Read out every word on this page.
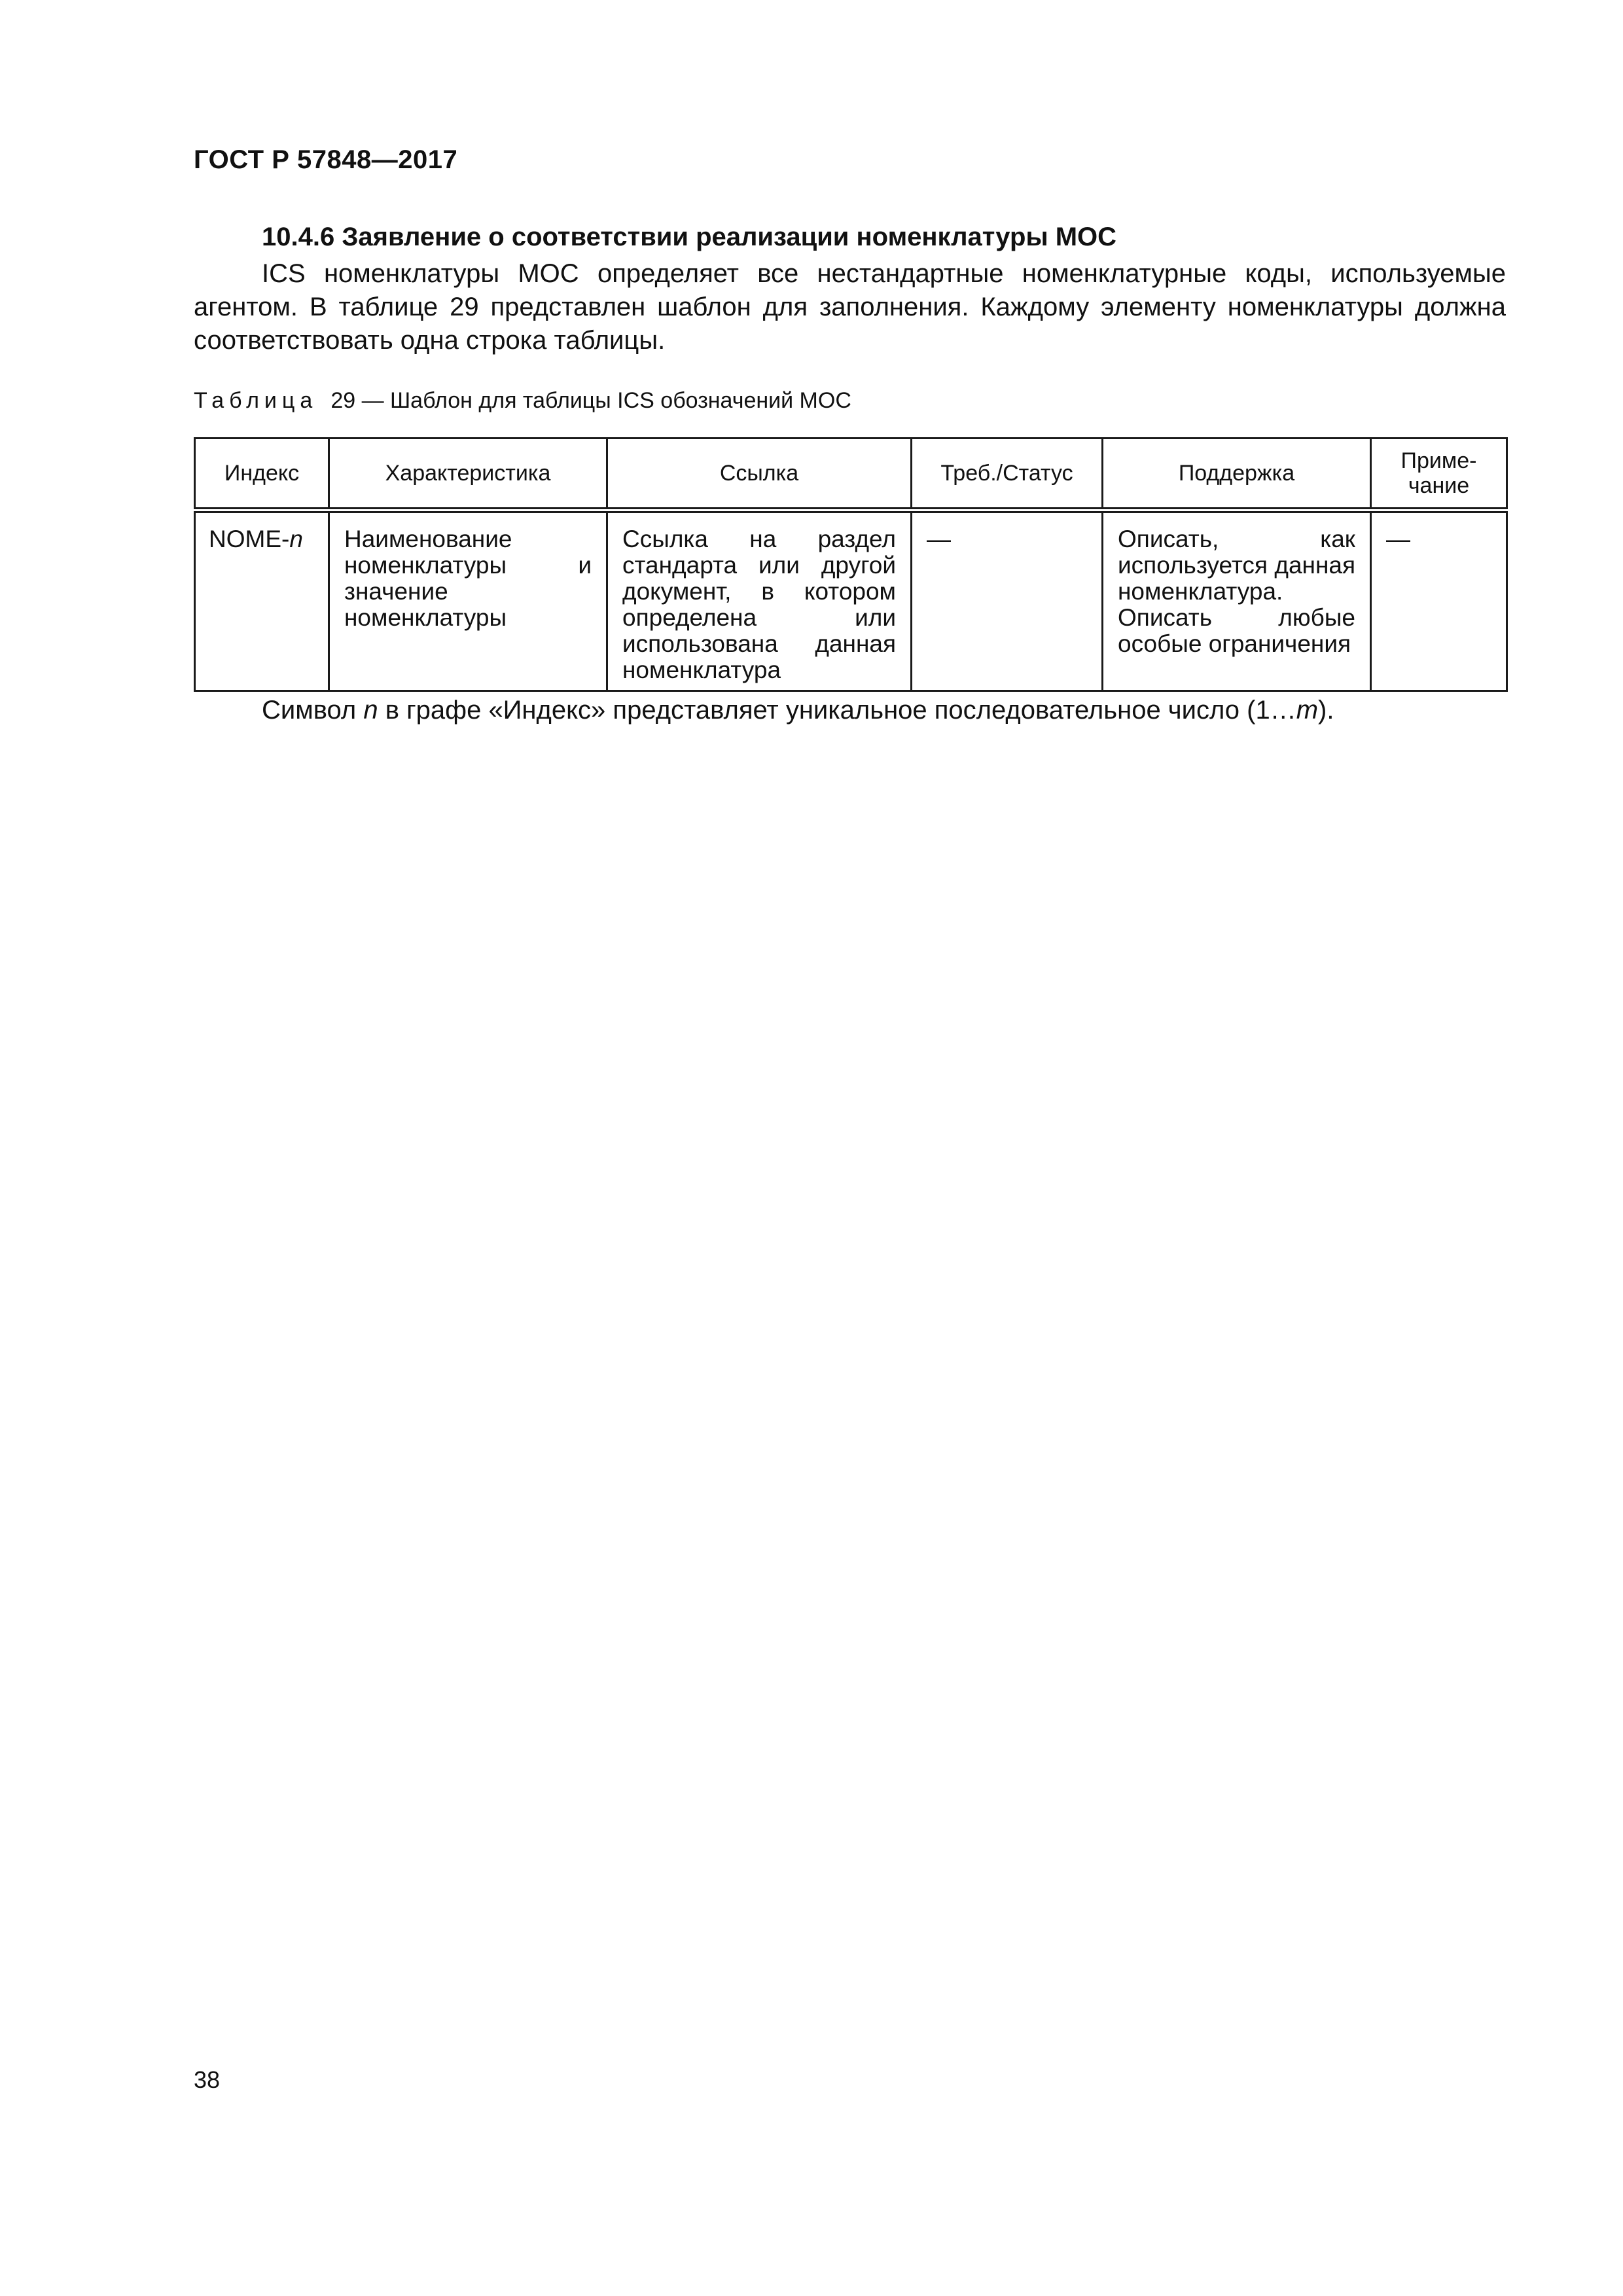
ГОСТ Р 57848—2017
10.4.6 Заявление о соответствии реализации номенклатуры МОС
ICS номенклатуры МОС определяет все нестандартные номенклатурные коды, используемые
агентом. В таблице 29 представлен шаблон для заполнения. Каждому элементу номенклатуры должна
соответствовать одна строка таблицы.
Таблица 29 — Шаблон для таблицы ICS обозначений МОС
Индекс	Характеристика	Ссылка	Треб./Статус	Поддержка	Приме-
чание
NOME-n	Наименование номенклатуры и значение номенклатуры	Ссылка на раздел стандарта или другой документ, в котором определена или использована данная номенклатура	—	Описать, как используется данная номенклатура. Описать любые особые ограничения	—
Символ n в графе «Индекс» представляет уникальное последовательное число (1…m).
38
